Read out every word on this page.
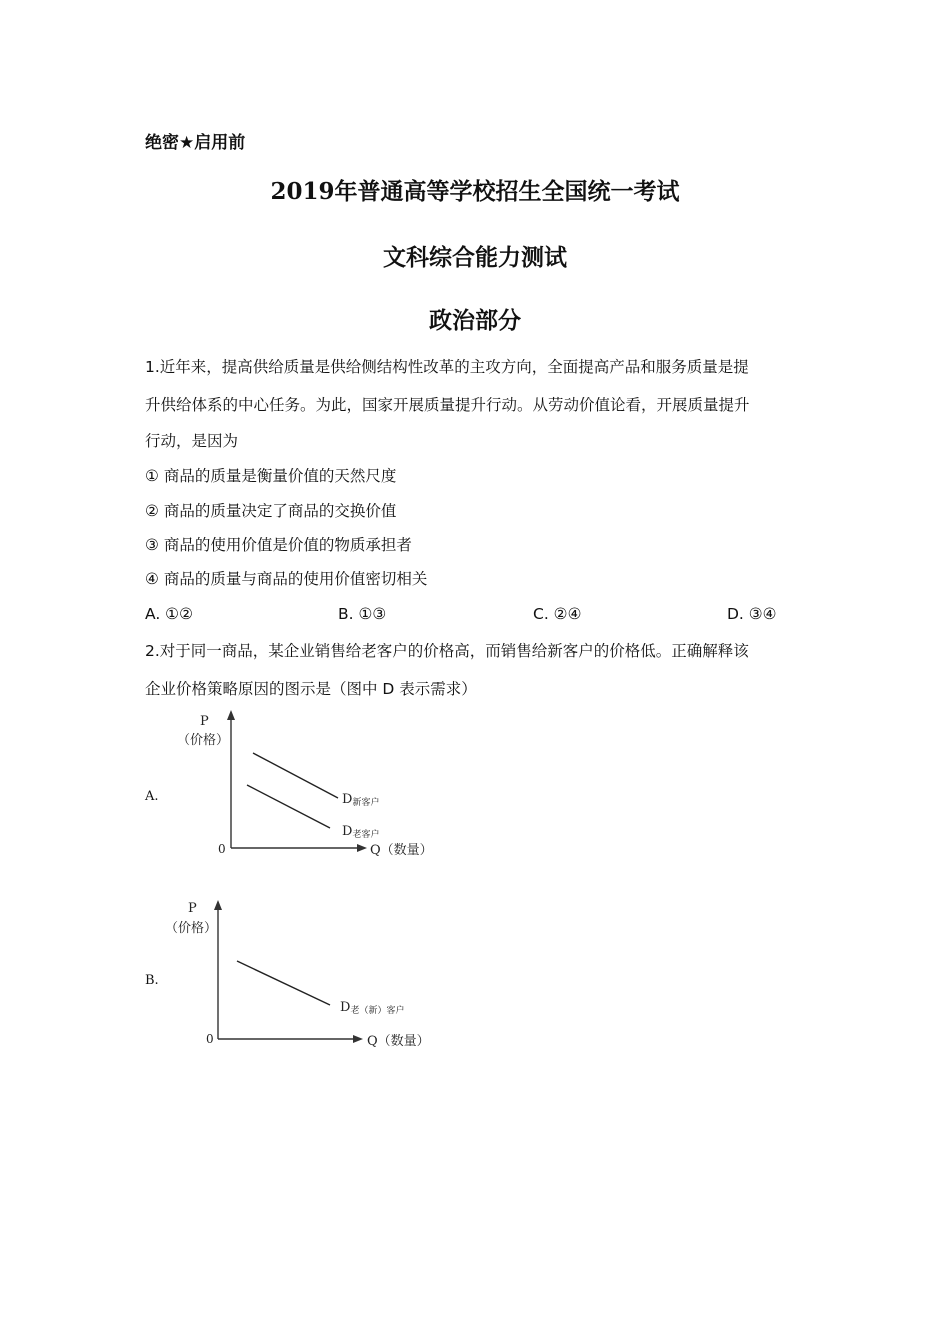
绝密★启用前
2019年普通高等学校招生全国统一考试
文科综合能力测试
政治部分
1.近年来，提高供给质量是供给侧结构性改革的主攻方向，全面提高产品和服务质量是提
升供给体系的中心任务。为此，国家开展质量提升行动。从劳动价值论看，开展质量提升
行动，是因为
① 商品的质量是衡量价值的天然尺度
② 商品的质量决定了商品的交换价值
③ 商品的使用价值是价值的物质承担者
④ 商品的质量与商品的使用价值密切相关
A. ①②	B. ①③	C. ②④	D. ③④
2.对于同一商品，某企业销售给老客户的价格高，而销售给新客户的价格低。正确解释该
企业价格策略原因的图示是（图中 D 表示需求）
A.
P
（价格）
0	Q（数量）
D新客户
D老客户
B.
P
（价格）
0	Q（数量）
D老（新）客户
